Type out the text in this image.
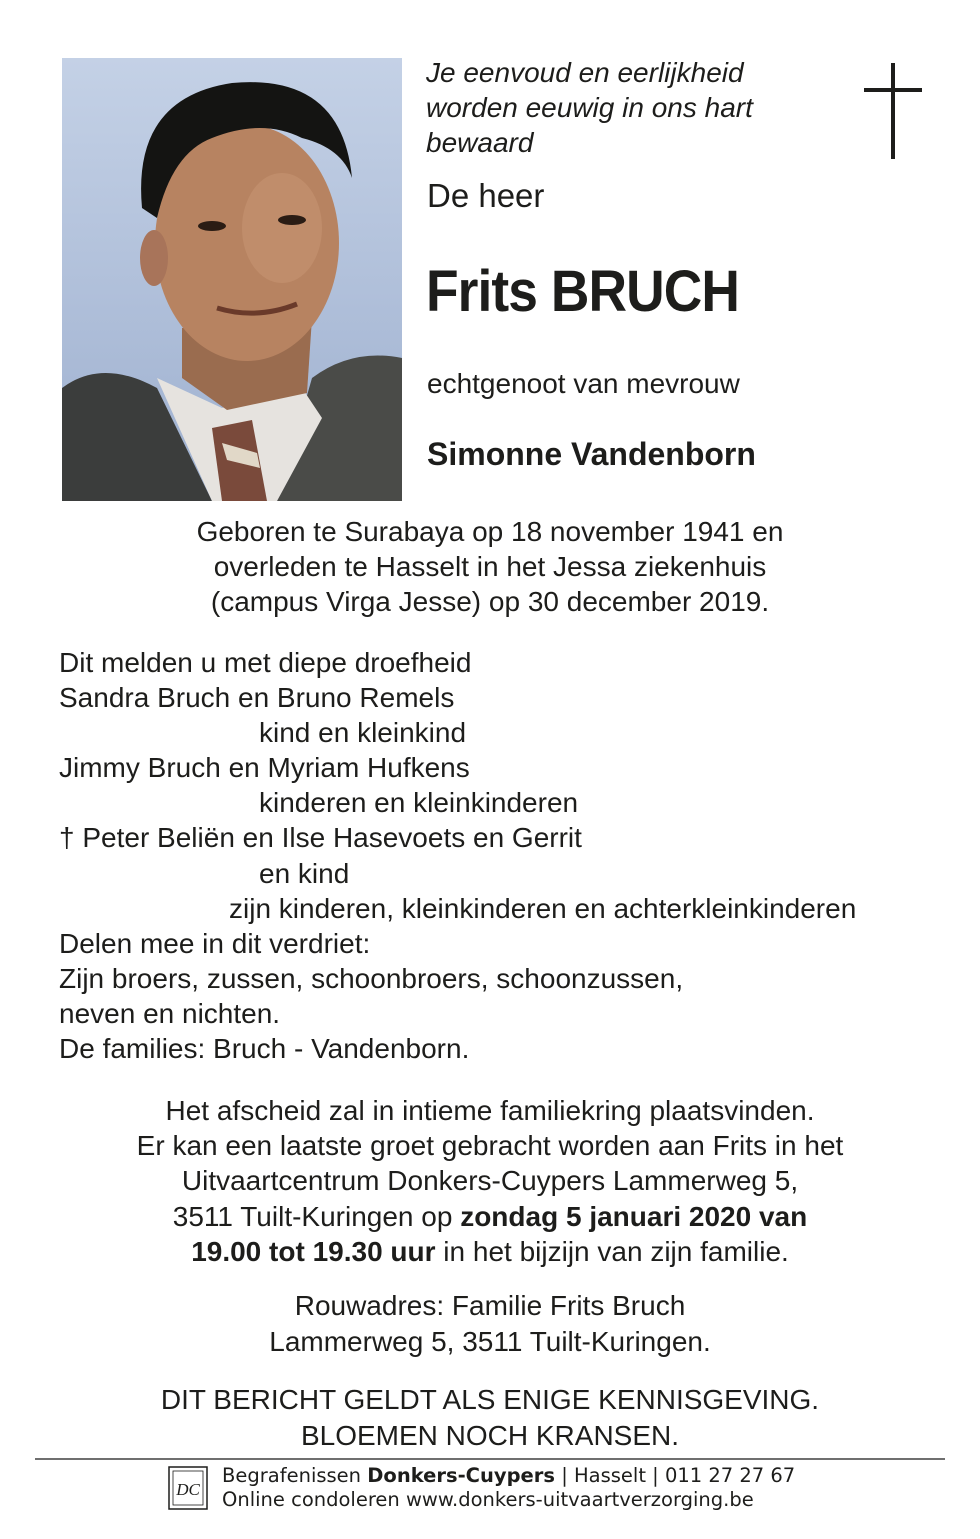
Je eenvoud en eerlijkheid
worden eeuwig in ons hart
bewaard
De heer
Frits BRUCH
echtgenoot van mevrouw
Simonne Vandenborn
Geboren te Surabaya op 18 november 1941 en
overleden te Hasselt in het Jessa ziekenhuis
(campus Virga Jesse) op 30 december 2019.
Dit melden u met diepe droefheid
Sandra Bruch en Bruno Remels
kind en kleinkind
Jimmy Bruch en Myriam Hufkens
kinderen en kleinkinderen
† Peter Beliën en Ilse Hasevoets en Gerrit
en kind
zijn kinderen, kleinkinderen en achterkleinkinderen
Delen mee in dit verdriet:
Zijn broers, zussen, schoonbroers, schoonzussen,
neven en nichten.
De families: Bruch - Vandenborn.
Het afscheid zal in intieme familiekring plaatsvinden.
Er kan een laatste groet gebracht worden aan Frits in het
Uitvaartcentrum Donkers-Cuypers Lammerweg 5,
3511 Tuilt-Kuringen op zondag 5 januari 2020 van
19.00 tot 19.30 uur in het bijzijn van zijn familie.
Rouwadres: Familie Frits Bruch
Lammerweg 5, 3511 Tuilt-Kuringen.
DIT BERICHT GELDT ALS ENIGE KENNISGEVING.
BLOEMEN NOCH KRANSEN.
DC
Begrafenissen Donkers-Cuypers | Hasselt | 011 27 27 67
Online condoleren www.donkers-uitvaartverzorging.be
